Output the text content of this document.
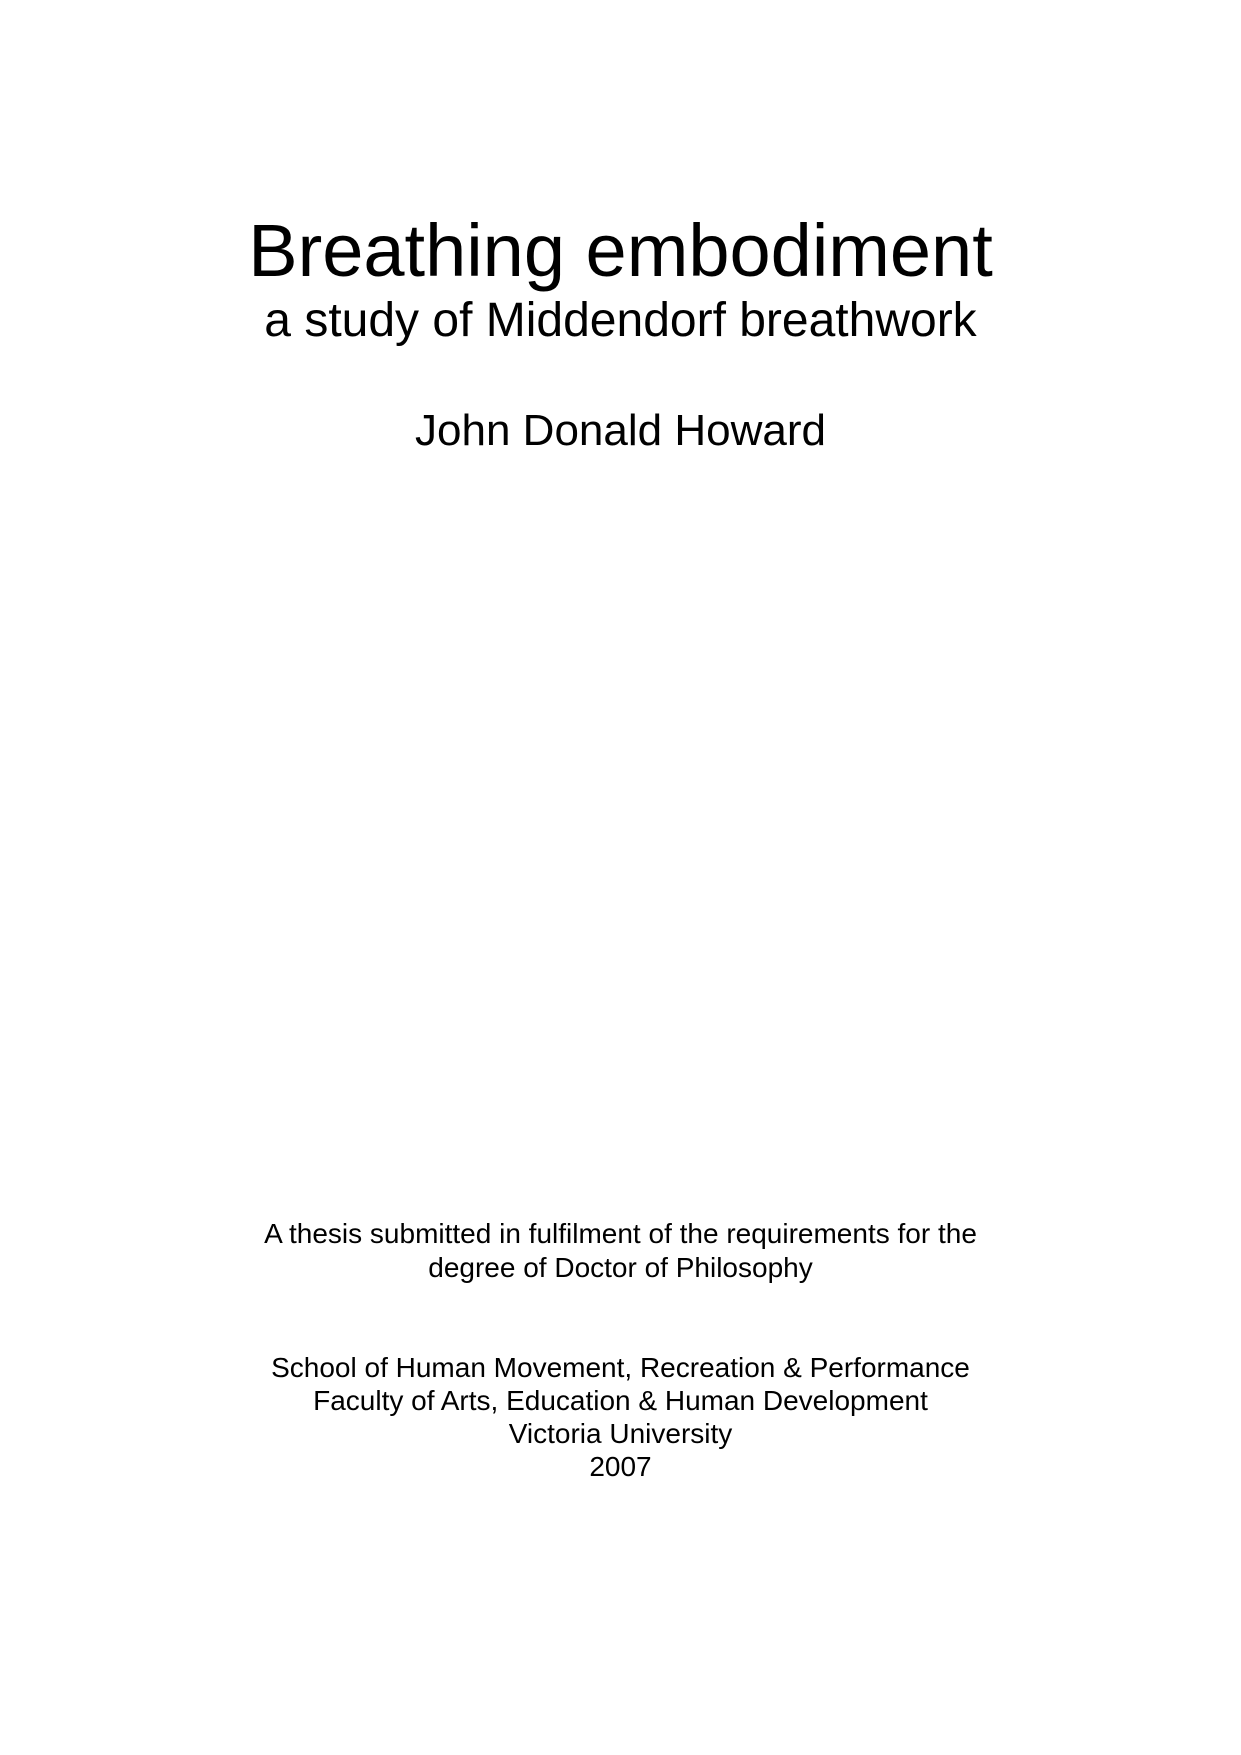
Breathing embodiment
a study of Middendorf breathwork
John Donald Howard
A thesis submitted in fulfilment of the requirements for the
degree of Doctor of Philosophy
School of Human Movement, Recreation & Performance
Faculty of Arts, Education & Human Development
Victoria University
2007
